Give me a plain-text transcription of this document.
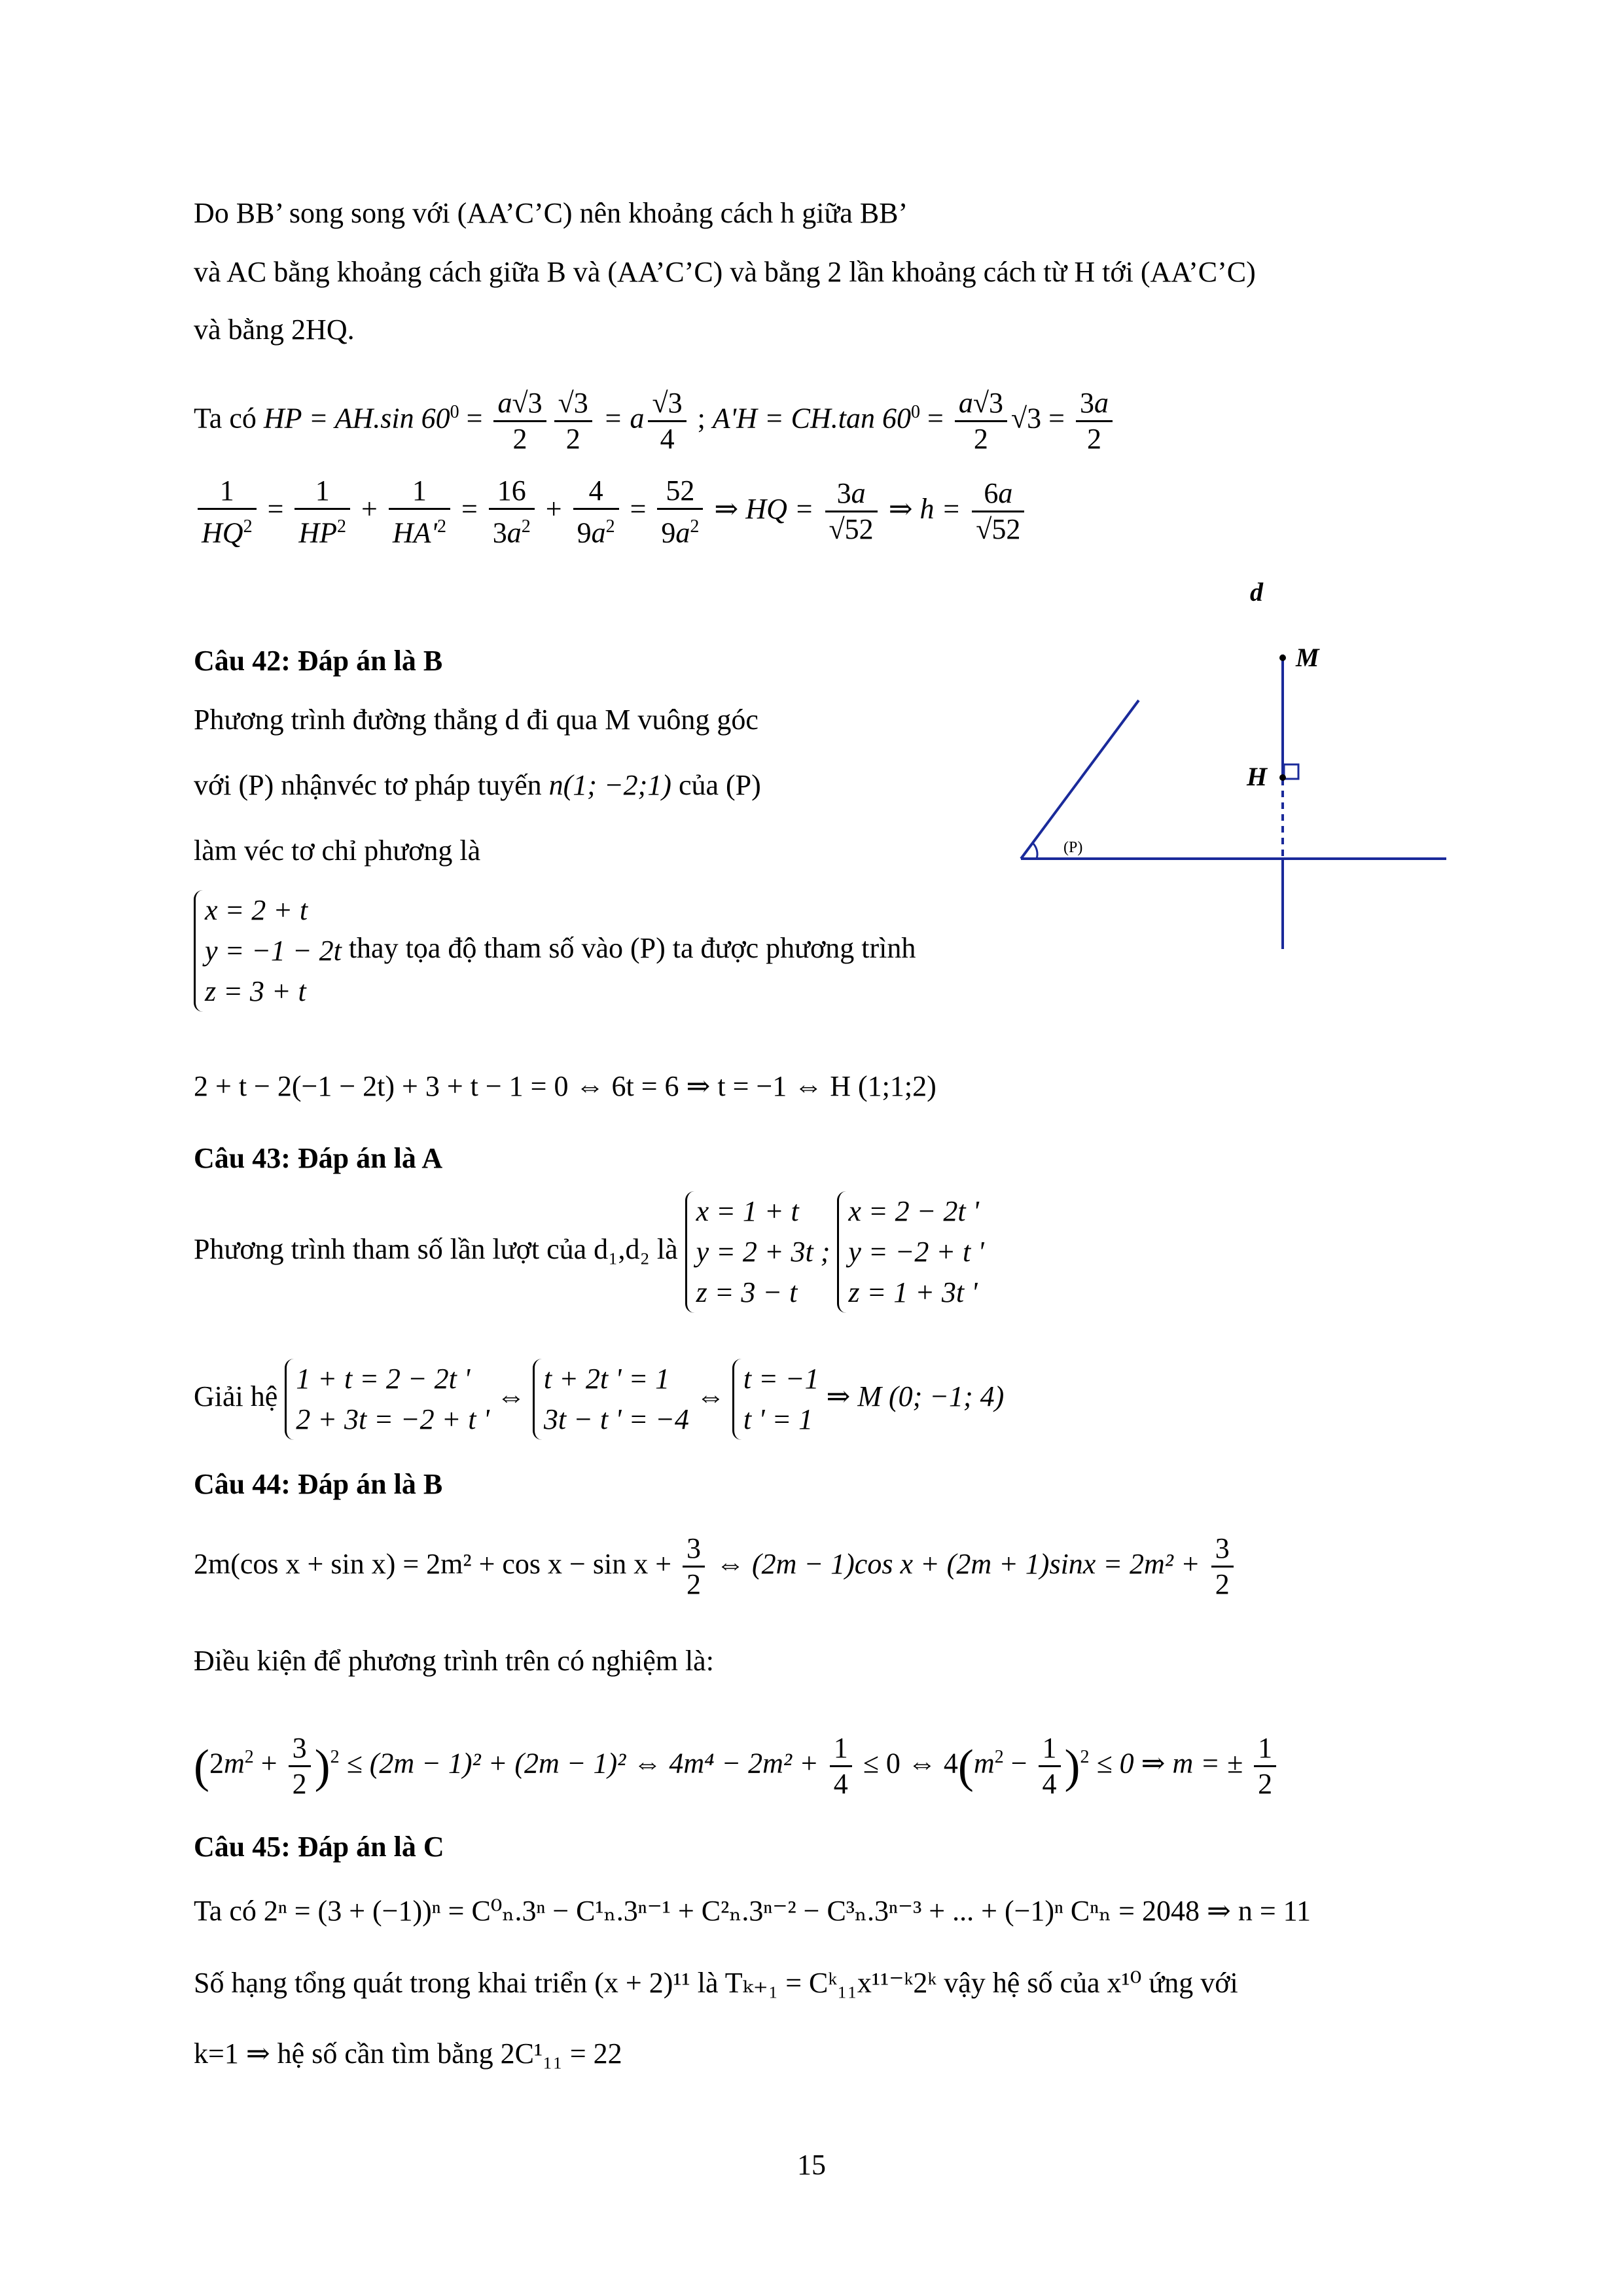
Do BB’ song song với (AA’C’C) nên khoảng cách h giữa BB’
và AC bằng khoảng cách giữa B và (AA’C’C) và bằng 2 lần khoảng cách từ H tới (AA’C’C)
và bằng 2HQ.
Ta có HP = AH.sin $60^0 = \frac{a√3}{2} \frac{√3}{2} = a \frac{√3}{4}$ ; A'H = CH.tan $60^0 = \frac{a√3}{2} √3 = \frac{3a}{2}$
$\frac{1}{HQ^2} = \frac{1}{HP^2} + \frac{1}{HA'^2} = \frac{16}{3a^2} + \frac{4}{9a^2} = \frac{52}{9a^2}$ ⇒ HQ = $\frac{3a}{√52}$ ⇒ $h = \frac{6a}{√52}$
Câu 42: Đáp án là B
Phương trình đường thẳng d đi qua M vuông góc
với (P) nhậnvéc tơ pháp tuyến n(1; −2;1) của (P)
làm véc tơ chỉ phương là
x = 2 + t
y = −1 − 2t
z = 3 + t
thay tọa độ tham số vào (P) ta được phương trình
2 + t − 2(−1 − 2t) + 3 + t − 1 = 0 ⇔ 6t = 6 ⇒ t = −1 ⇔ H (1;1;2)
d
M
H
(P)
Câu 43: Đáp án là A
Phương trình tham số lần lượt của d₁,d₂ là
x = 1 + t
y = 2 + 3t ;
z = 3 − t

x = 2 − 2t '
y = −2 + t '
z = 1 + 3t '
Giải hệ
1 + t = 2 − 2t '
2 + 3t = −2 + t '
⇔
t + 2t ' = 1
3t − t ' = −4
⇔
t = −1
t ' = 1
⇒ M (0; −1; 4)
Câu 44: Đáp án là B
2m(cos $x + \sin x) = 2m^2 + \cos x - \sin x + \frac{3}{2}$ ⇔ (2m − 1)cos $x + (2m + 1)\sin x = 2m^2 + \frac{3}{2}$
Điều kiện để phương trình trên có nghiệm là:
$(2m^2 + \frac{3}{2} )^2 \le (2m - 1)^2 + (2m - 1)^2$ ⇔ $4m^4 - 2m^2 + \frac{1}{4} \le 0$ ⇔ $4(m^2 - \frac{1}{4} )^2 \le 0$ ⇒ m = ± $\frac{1}{2}$
Câu 45: Đáp án là C
Ta có 2ⁿ = (3 + (−1))ⁿ = C⁰ₙ.3ⁿ − C¹ₙ.3ⁿ⁻¹ + C²ₙ.3ⁿ⁻² − C³ₙ.3ⁿ⁻³ + ... + (−1)ⁿ Cⁿₙ = 2048 ⇒ n = 11
Số hạng tổng quát trong khai triển (x + 2)¹¹ là Tₖ₊₁ = Cᵏ₁₁x¹¹⁻ᵏ2ᵏ vậy hệ số của x¹⁰ ứng với
k=1 ⇒ hệ số cần tìm bằng 2C¹₁₁ = 22
15
